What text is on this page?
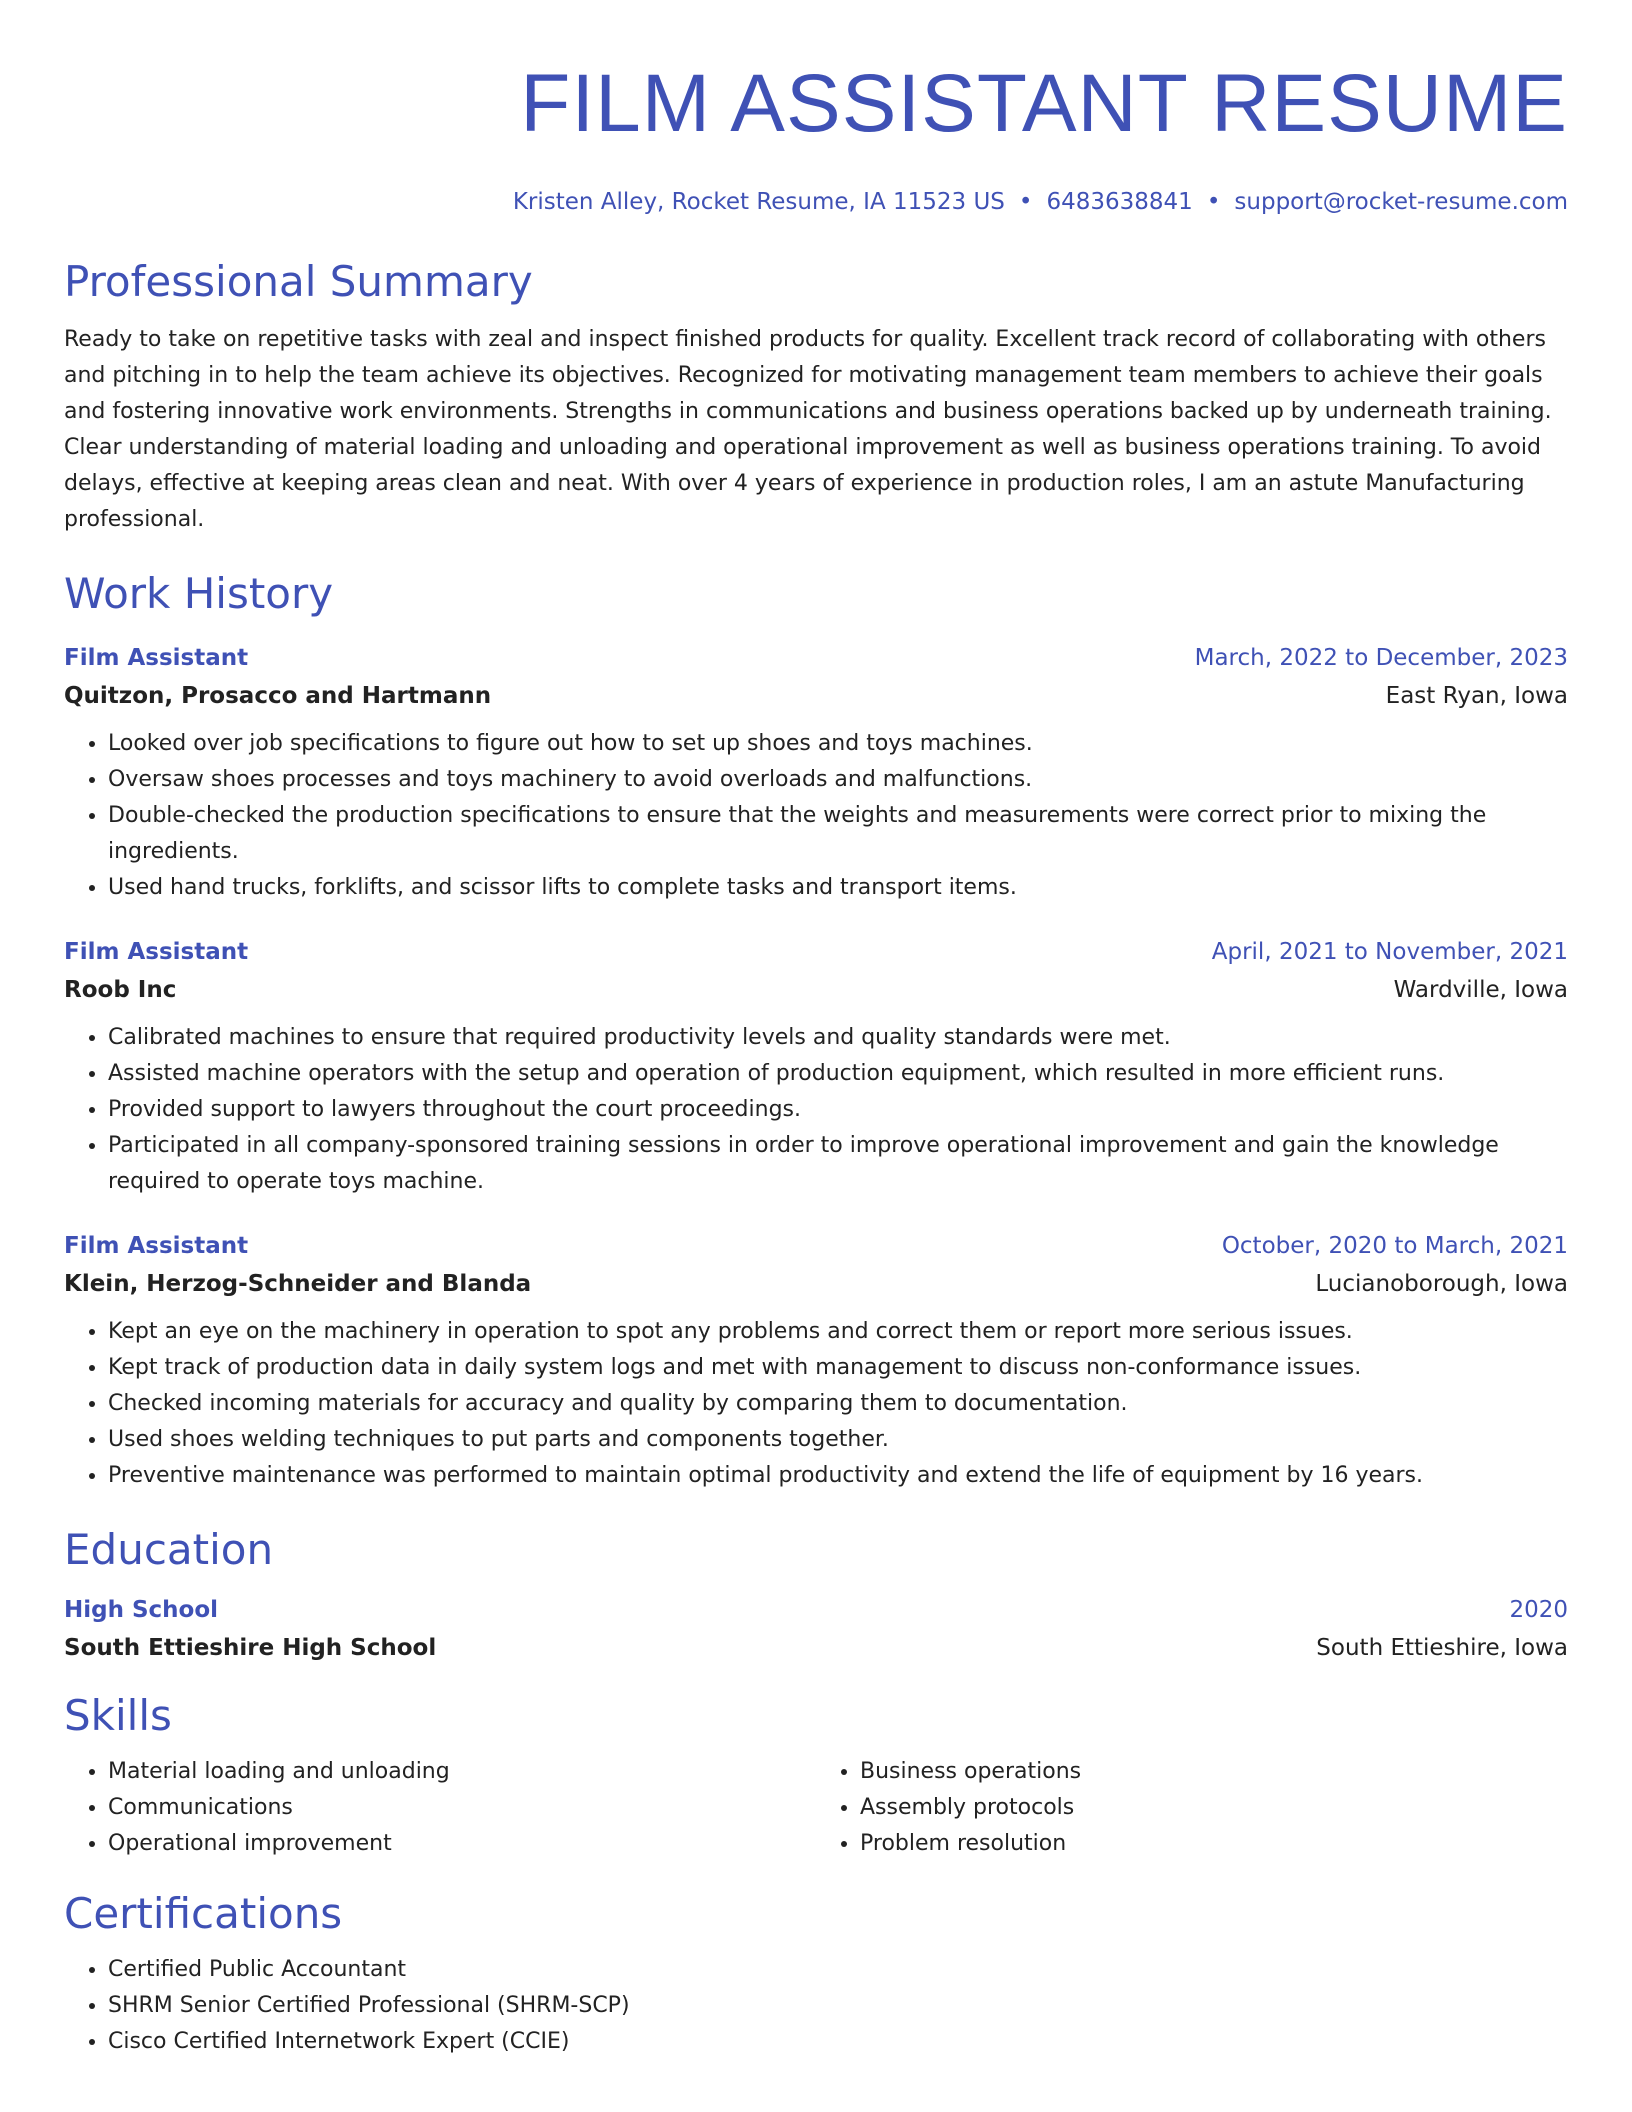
FILM ASSISTANT RESUME
Kristen Alley, Rocket Resume, IA 11523 US • 6483638841 • support@rocket-resume.com
Professional Summary
Ready to take on repetitive tasks with zeal and inspect finished products for quality. Excellent track record of collaborating with others and pitching in to help the team achieve its objectives. Recognized for motivating management team members to achieve their goals and fostering innovative work environments. Strengths in communications and business operations backed up by underneath training. Clear understanding of material loading and unloading and operational improvement as well as business operations training. To avoid delays, effective at keeping areas clean and neat. With over 4 years of experience in production roles, I am an astute Manufacturing professional.
Work History
Film Assistant	March, 2022 to December, 2023
Quitzon, Prosacco and Hartmann	East Ryan, Iowa
• Looked over job specifications to figure out how to set up shoes and toys machines.
• Oversaw shoes processes and toys machinery to avoid overloads and malfunctions.
• Double-checked the production specifications to ensure that the weights and measurements were correct prior to mixing the ingredients.
• Used hand trucks, forklifts, and scissor lifts to complete tasks and transport items.
Film Assistant	April, 2021 to November, 2021
Roob Inc	Wardville, Iowa
• Calibrated machines to ensure that required productivity levels and quality standards were met.
• Assisted machine operators with the setup and operation of production equipment, which resulted in more efficient runs.
• Provided support to lawyers throughout the court proceedings.
• Participated in all company-sponsored training sessions in order to improve operational improvement and gain the knowledge required to operate toys machine.
Film Assistant	October, 2020 to March, 2021
Klein, Herzog-Schneider and Blanda	Lucianoborough, Iowa
• Kept an eye on the machinery in operation to spot any problems and correct them or report more serious issues.
• Kept track of production data in daily system logs and met with management to discuss non-conformance issues.
• Checked incoming materials for accuracy and quality by comparing them to documentation.
• Used shoes welding techniques to put parts and components together.
• Preventive maintenance was performed to maintain optimal productivity and extend the life of equipment by 16 years.
Education
High School	2020
South Ettieshire High School	South Ettieshire, Iowa
Skills
• Material loading and unloading
• Communications
• Operational improvement
• Business operations
• Assembly protocols
• Problem resolution
Certifications
• Certified Public Accountant
• SHRM Senior Certified Professional (SHRM-SCP)
• Cisco Certified Internetwork Expert (CCIE)
